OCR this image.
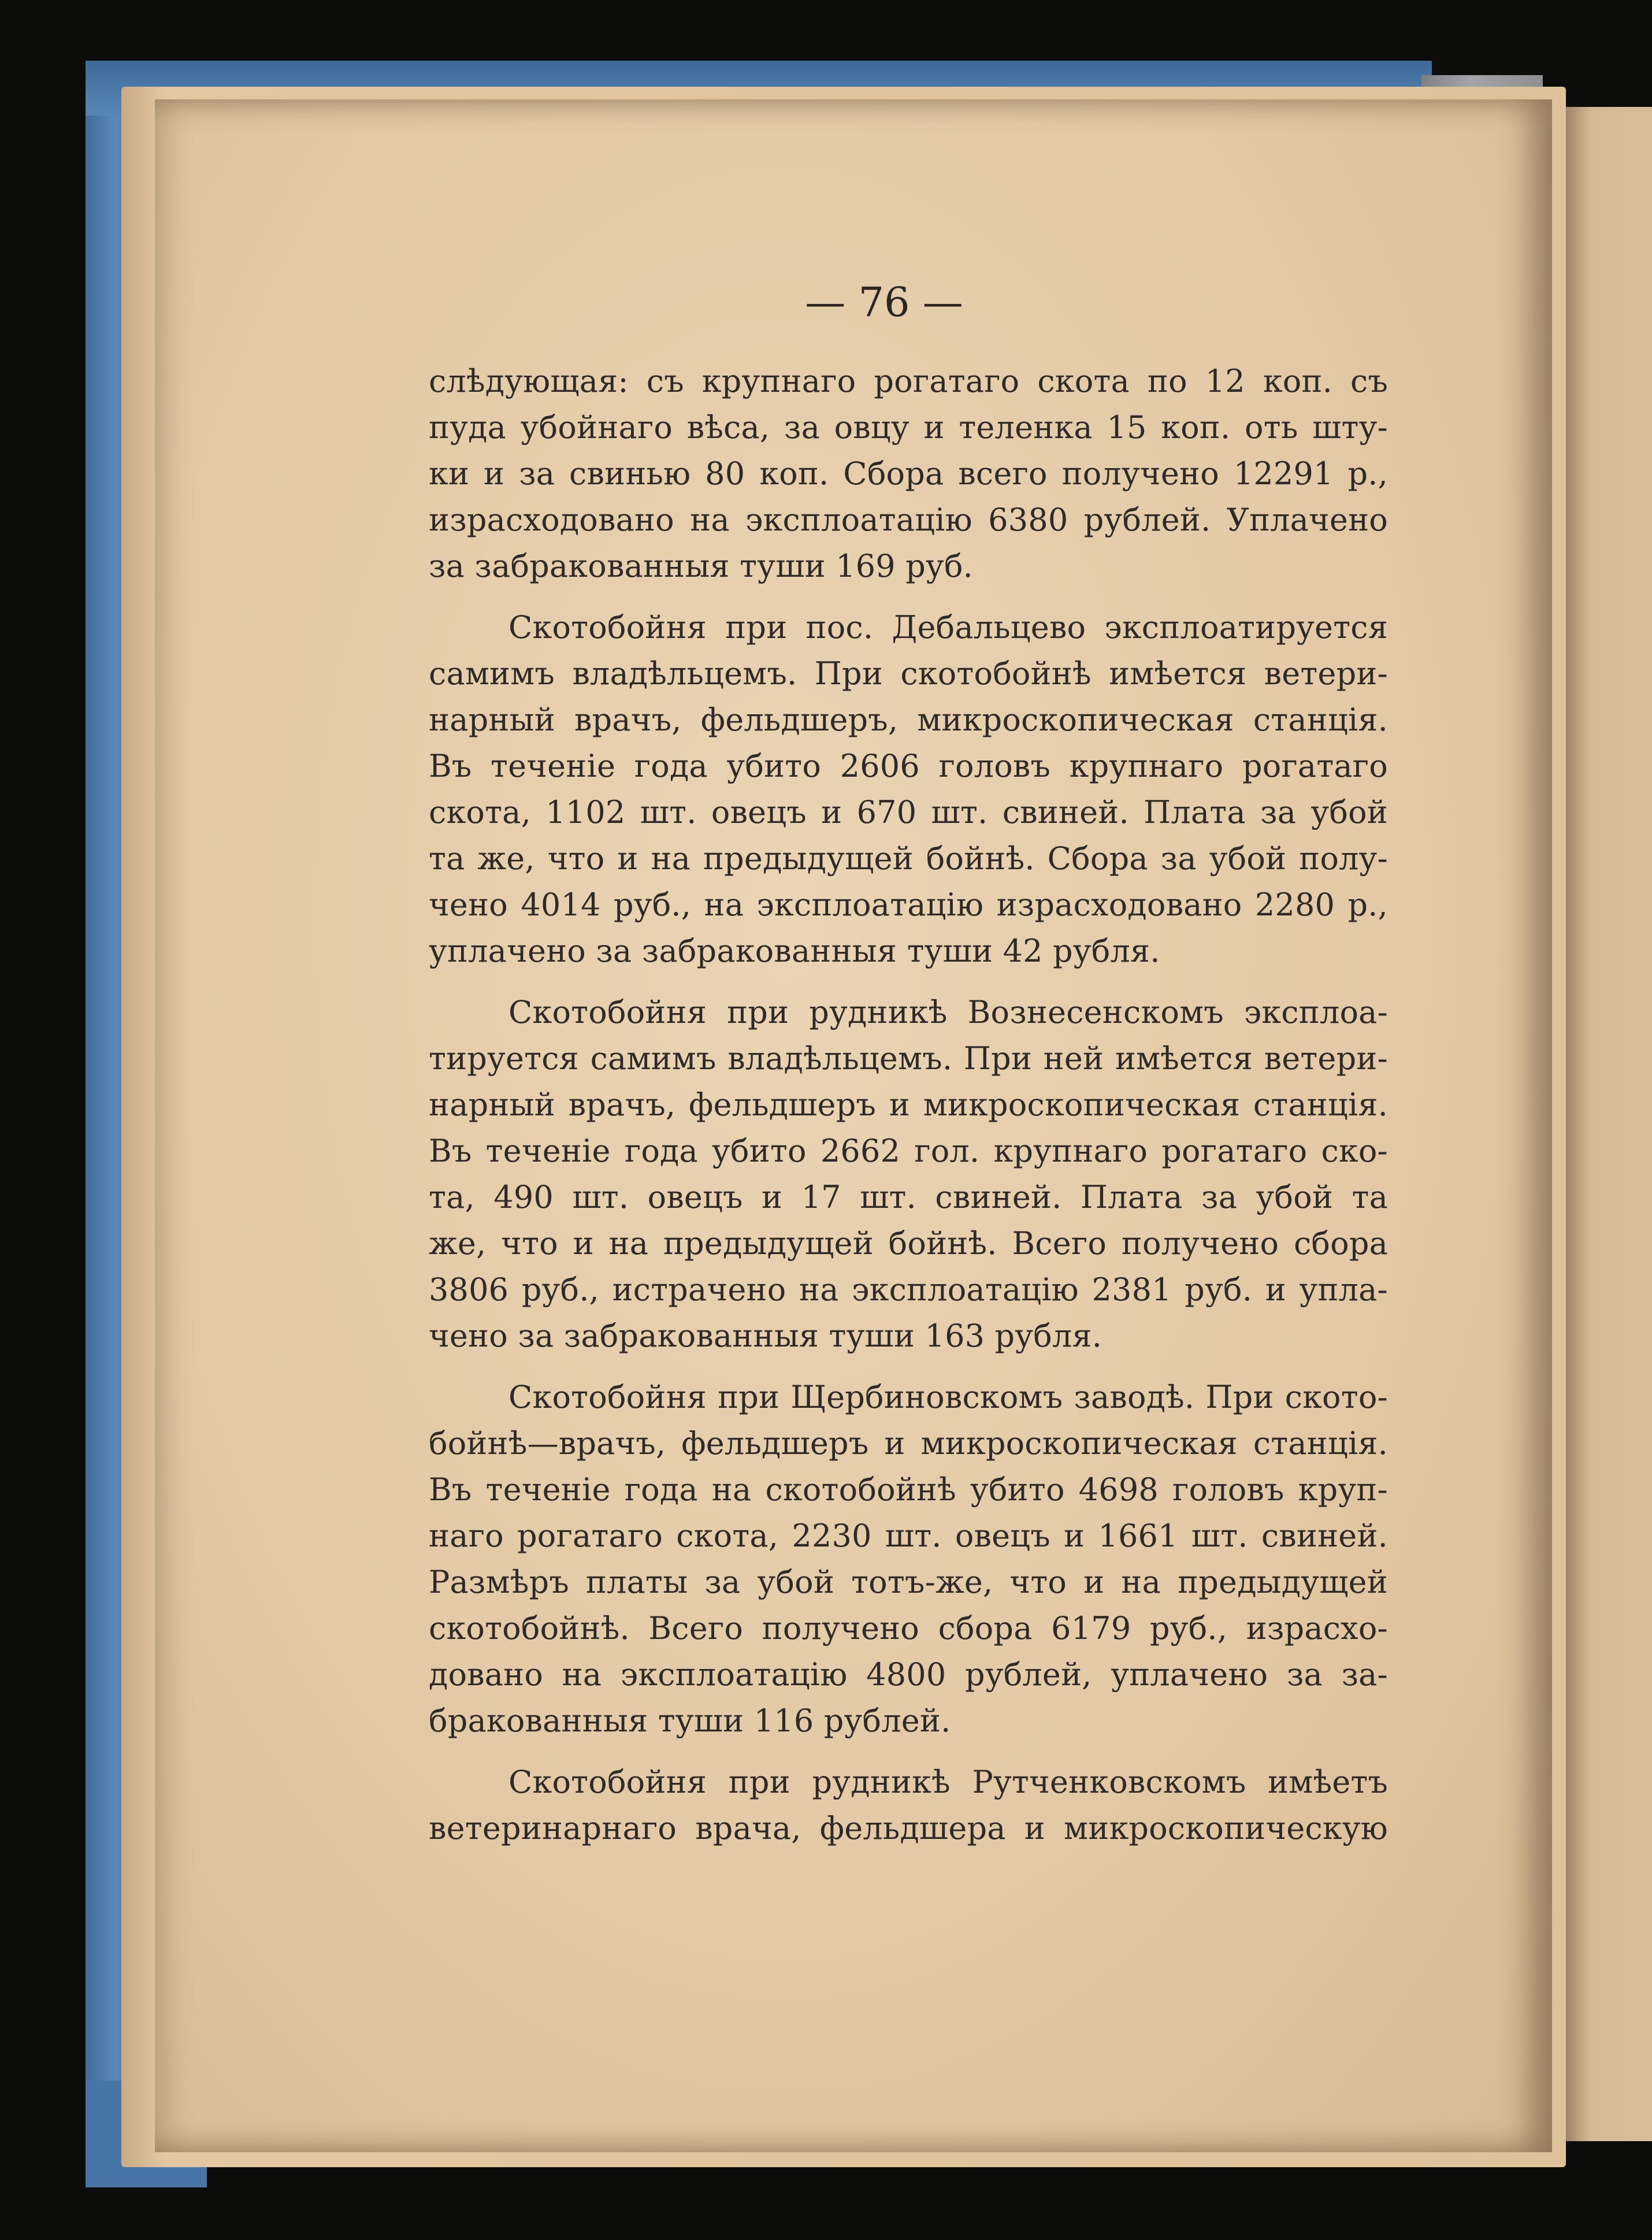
— 76 —
слѣдующая: съ крупнаго рогатаго скота по 12 коп. съ
пуда убойнаго вѣса, за овцу и теленка 15 коп. оть шту-
ки и за свинью 80 коп. Сбора всего получено 12291 р.,
израсходовано на эксплоатацію 6380 рублей. Уплачено
за забракованныя туши 169 руб.
Скотобойня при пос. Дебальцево эксплоатируется
самимъ владѣльцемъ. При скотобойнѣ имѣется ветери-
нарный врачъ, фельдшеръ, микроскопическая станція.
Въ теченіе года убито 2606 головъ крупнаго рогатаго
скота, 1102 шт. овецъ и 670 шт. свиней. Плата за убой
та же, что и на предыдущей бойнѣ. Сбора за убой полу-
чено 4014 руб., на эксплоатацію израсходовано 2280 р.,
уплачено за забракованныя туши 42 рубля.
Скотобойня при рудникѣ Вознесенскомъ эксплоа-
тируется самимъ владѣльцемъ. При ней имѣется ветери-
нарный врачъ, фельдшеръ и микроскопическая станція.
Въ теченіе года убито 2662 гол. крупнаго рогатаго ско-
та, 490 шт. овецъ и 17 шт. свиней. Плата за убой та
же, что и на предыдущей бойнѣ. Всего получено сбора
3806 руб., истрачено на эксплоатацію 2381 руб. и упла-
чено за забракованныя туши 163 рубля.
Скотобойня при Щербиновскомъ заводѣ. При ското-
бойнѣ—врачъ, фельдшеръ и микроскопическая станція.
Въ теченіе года на скотобойнѣ убито 4698 головъ круп-
наго рогатаго скота, 2230 шт. овецъ и 1661 шт. свиней.
Размѣръ платы за убой тотъ-же, что и на предыдущей
скотобойнѣ. Всего получено сбора 6179 руб., израсхо-
довано на эксплоатацію 4800 рублей, уплачено за за-
бракованныя туши 116 рублей.
Скотобойня при рудникѣ Рутченковскомъ имѣетъ
ветеринарнаго врача, фельдшера и микроскопическую
